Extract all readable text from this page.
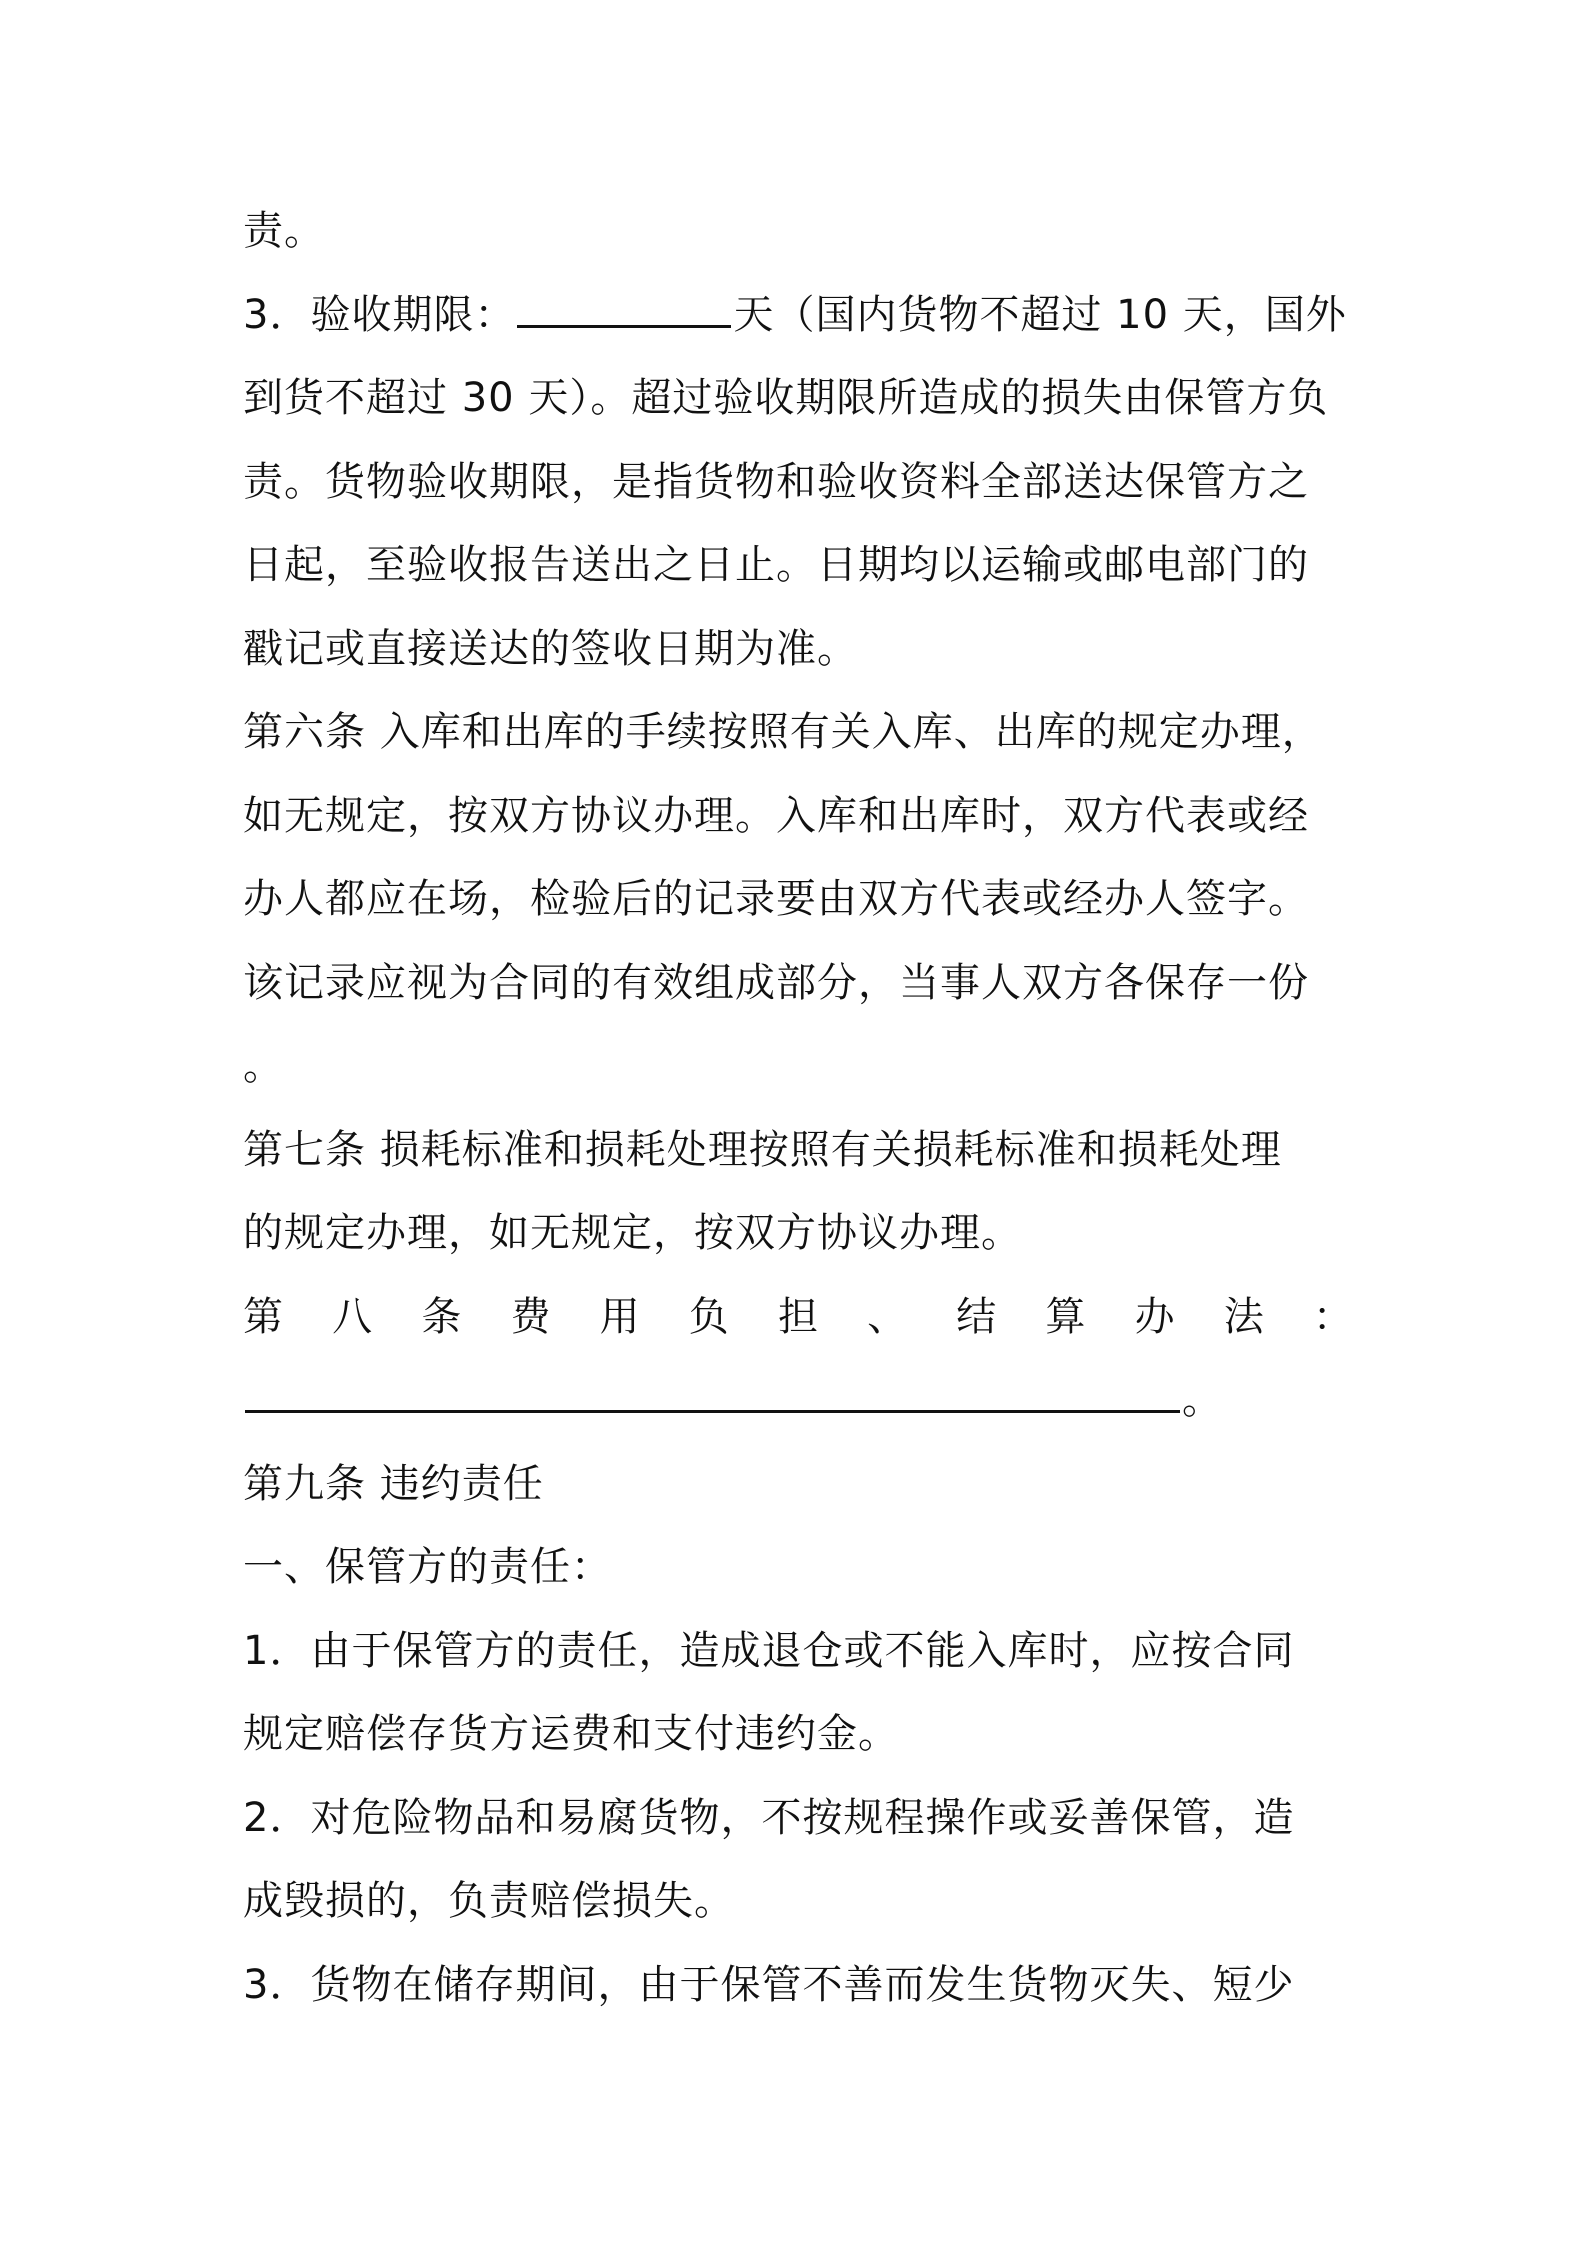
责。
3．验收期限：	天（国内货物不超过 10 天，国外
到货不超过 30 天）。超过验收期限所造成的损失由保管方负
责。货物验收期限，是指货物和验收资料全部送达保管方之
日起，至验收报告送出之日止。日期均以运输或邮电部门的
戳记或直接送达的签收日期为准。
第六条 入库和出库的手续按照有关入库、出库的规定办理，
如无规定，按双方协议办理。入库和出库时，双方代表或经
办人都应在场，检验后的记录要由双方代表或经办人签字。
该记录应视为合同的有效组成部分，当事人双方各保存一份
。
第七条 损耗标准和损耗处理按照有关损耗标准和损耗处理
的规定办理，如无规定，按双方协议办理。
第 八 条 费 用 负 担 、 结 算 办 法 ：
。
第九条 违约责任
一、保管方的责任：
1．由于保管方的责任，造成退仓或不能入库时，应按合同
规定赔偿存货方运费和支付违约金。
2．对危险物品和易腐货物，不按规程操作或妥善保管，造
成毁损的，负责赔偿损失。
3．货物在储存期间，由于保管不善而发生货物灭失、短少
